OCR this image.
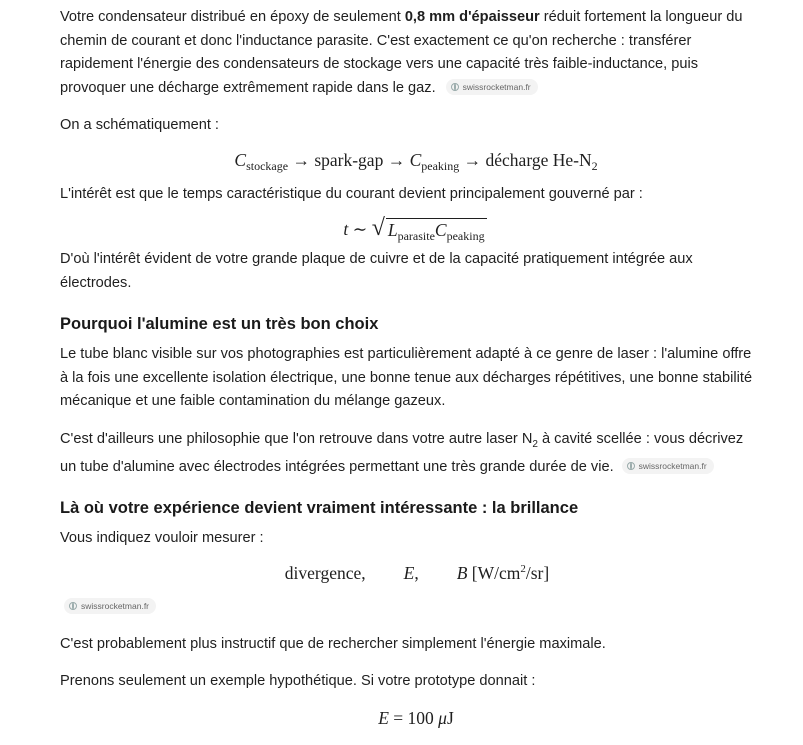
Votre condensateur distribué en époxy de seulement 0,8 mm d'épaisseur réduit fortement la longueur du chemin de courant et donc l'inductance parasite. C'est exactement ce qu'on recherche : transférer rapidement l'énergie des condensateurs de stockage vers une capacité très faible-inductance, puis provoquer une décharge extrêmement rapide dans le gaz.	swissrocketman.fr

On a schématiquement :

$C_{stockage}$ → spark-gap → $C_{peaking}$ → décharge $He-N_2$

L'intérêt est que le temps caractéristique du courant devient principalement gouverné par :

t ∼ √ $L_{parasite}C_{peaking}$

D'où l'intérêt évident de votre grande plaque de cuivre et de la capacité pratiquement intégrée aux électrodes.

Pourquoi l'alumine est un très bon choix

Le tube blanc visible sur vos photographies est particulièrement adapté à ce genre de laser : l'alumine offre à la fois une excellente isolation électrique, une bonne tenue aux décharges répétitives, une bonne stabilité mécanique et une faible contamination du mélange gazeux.

C'est d'ailleurs une philosophie que l'on retrouve dans votre autre laser $N_2$ à cavité scellée : vous décrivez un tube d'alumine avec électrodes intégrées permettant une très grande durée de vie.	swissrocketman.fr

Là où votre expérience devient vraiment intéressante : la brillance

Vous indiquez vouloir mesurer :

divergence, E, B $[W/cm^2/sr]$
swissrocketman.fr

C'est probablement plus instructif que de rechercher simplement l'énergie maximale.

Prenons seulement un exemple hypothétique. Si votre prototype donnait :

E = 100 μJ
